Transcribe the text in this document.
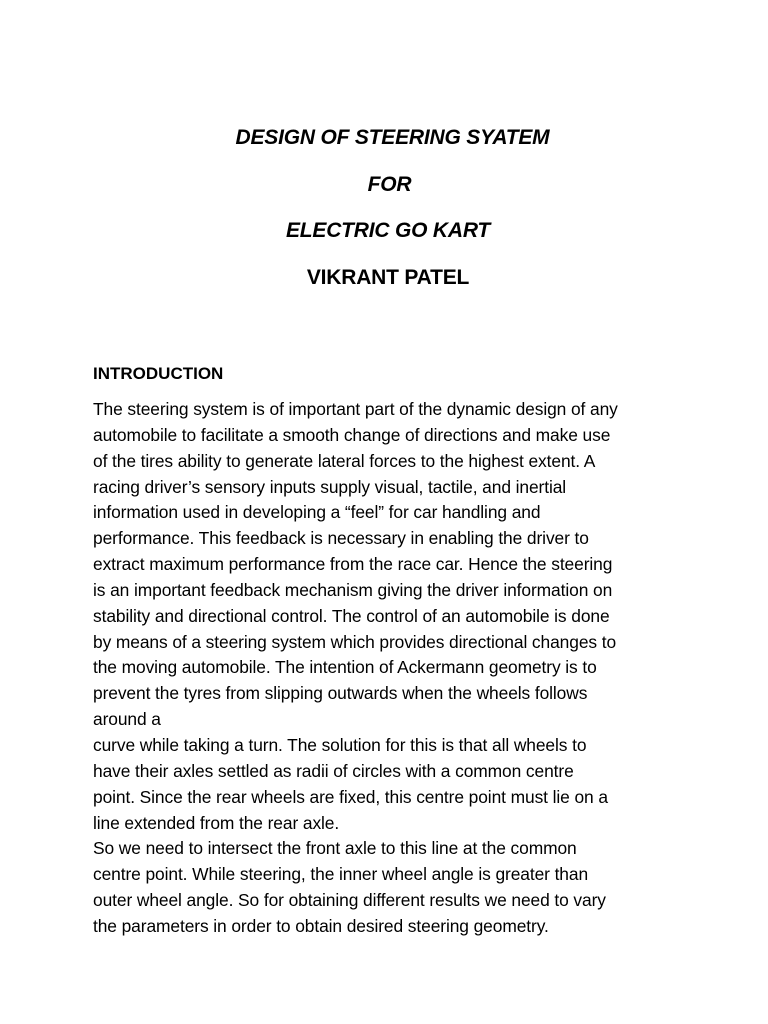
DESIGN OF STEERING SYATEM
FOR
ELECTRIC GO KART
VIKRANT PATEL
INTRODUCTION
The steering system is of important part of the dynamic design of any
automobile to facilitate a smooth change of directions and make use
of the tires ability to generate lateral forces to the highest extent. A
racing driver’s sensory inputs supply visual, tactile, and inertial
information used in developing a “feel” for car handling and
performance. This feedback is necessary in enabling the driver to
extract maximum performance from the race car. Hence the steering
is an important feedback mechanism giving the driver information on
stability and directional control. The control of an automobile is done
by means of a steering system which provides directional changes to
the moving automobile. The intention of Ackermann geometry is to
prevent the tyres from slipping outwards when the wheels follows
around a
curve while taking a turn. The solution for this is that all wheels to
have their axles settled as radii of circles with a common centre
point. Since the rear wheels are fixed, this centre point must lie on a
line extended from the rear axle.
So we need to intersect the front axle to this line at the common
centre point. While steering, the inner wheel angle is greater than
outer wheel angle. So for obtaining different results we need to vary
the parameters in order to obtain desired steering geometry.
